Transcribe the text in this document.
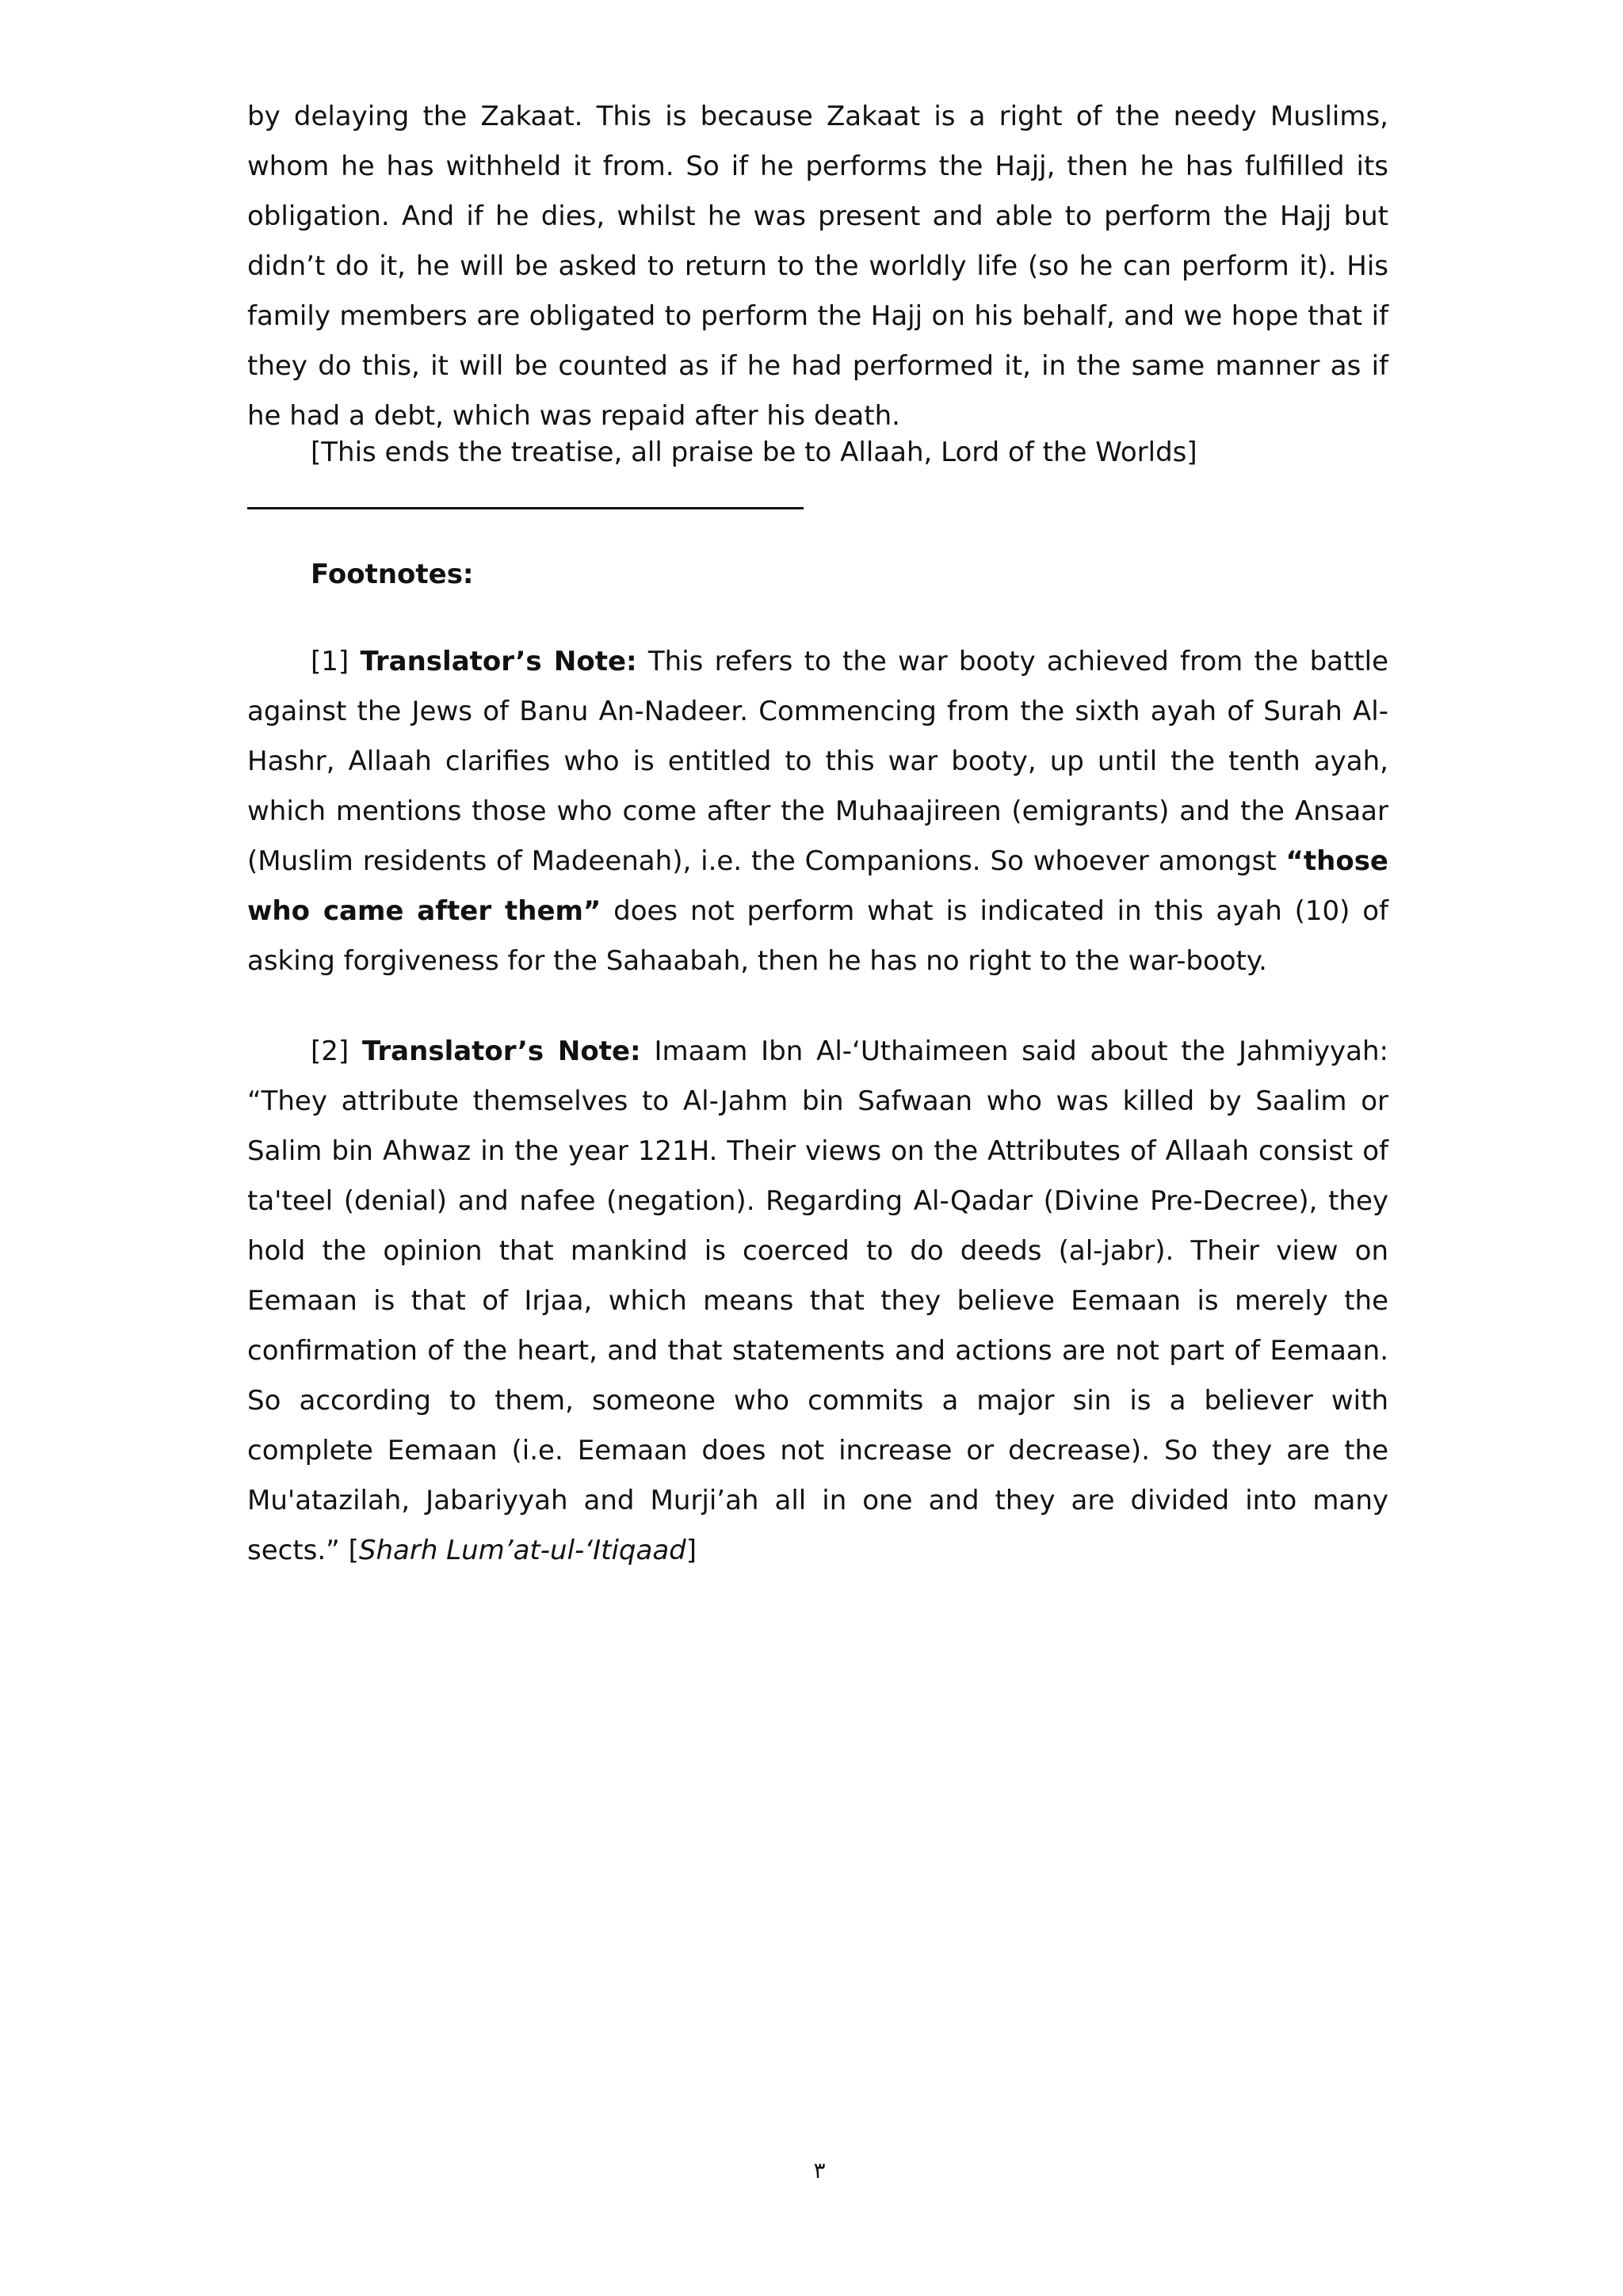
by delaying the Zakaat. This is because Zakaat is a right of the needy Muslims, whom he has withheld it from. So if he performs the Hajj, then he has fulfilled its obligation. And if he dies, whilst he was present and able to perform the Hajj but didn’t do it, he will be asked to return to the worldly life (so he can perform it). His family members are obligated to perform the Hajj on his behalf, and we hope that if they do this, it will be counted as if he had performed it, in the same manner as if he had a debt, which was repaid after his death.

[This ends the treatise, all praise be to Allaah, Lord of the Worlds]

Footnotes:

[1] Translator’s Note: This refers to the war booty achieved from the battle against the Jews of Banu An-Nadeer. Commencing from the sixth ayah of Surah Al-Hashr, Allaah clarifies who is entitled to this war booty, up until the tenth ayah, which mentions those who come after the Muhaajireen (emigrants) and the Ansaar (Muslim residents of Madeenah), i.e. the Companions. So whoever amongst “those who came after them” does not perform what is indicated in this ayah (10) of asking forgiveness for the Sahaabah, then he has no right to the war-booty.

[2] Translator’s Note: Imaam Ibn Al-‘Uthaimeen said about the Jahmiyyah: “They attribute themselves to Al-Jahm bin Safwaan who was killed by Saalim or Salim bin Ahwaz in the year 121H. Their views on the Attributes of Allaah consist of ta'teel (denial) and nafee (negation). Regarding Al-Qadar (Divine Pre-Decree), they hold the opinion that mankind is coerced to do deeds (al-jabr). Their view on Eemaan is that of Irjaa, which means that they believe Eemaan is merely the confirmation of the heart, and that statements and actions are not part of Eemaan. So according to them, someone who commits a major sin is a believer with complete Eemaan (i.e. Eemaan does not increase or decrease). So they are the Mu'atazilah, Jabariyyah and Murji’ah all in one and they are divided into many sects.” [Sharh Lum’at-ul-‘Itiqaad]

٣
